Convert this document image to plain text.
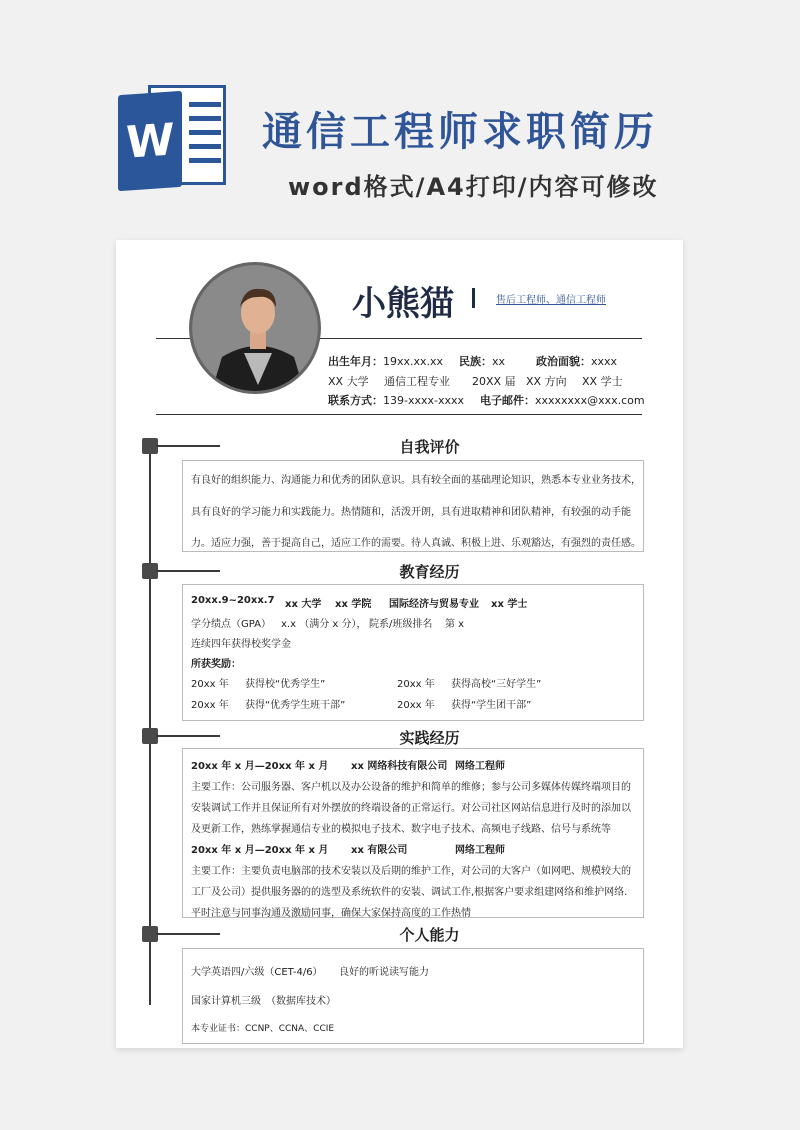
W 通信工程师求职简历
word格式/A4打印/内容可修改
小熊猫	售后工程师、通信工程师
出生年月：19xx.xx.xx 民族：xx	政治面貌：xxxx
XX 大学 通信工程专业 20XX 届 XX 方向 XX 学士
联系方式：139-xxxx-xxxx 电子邮件：xxxxxxxx@xxx.com
自我评价
有良好的组织能力、沟通能力和优秀的团队意识。具有较全面的基础理论知识，熟悉本专业业务技术，
具有良好的学习能力和实践能力。热情随和，活泼开朗，具有进取精神和团队精神，有较强的动手能
力。适应力强，善于提高自己，适应工作的需要。待人真诚、积极上进、乐观豁达，有强烈的责任感。
教育经历
20xx.9~20xx.7 xx 大学 xx 学院 国际经济与贸易专业 xx 学士
学分绩点（GPA） x.x （满分 x 分）， 院系/班级排名 第 x
连续四年获得校奖学金
所获奖励：
20xx 年 获得校“优秀学生”	20xx 年 获得高校“三好学生”
20xx 年 获得“优秀学生班干部”	20xx 年 获得“学生团干部”
实践经历
20xx 年 x 月—20xx 年 x 月 xx 网络科技有限公司 网络工程师
主要工作：公司服务器、客户机以及办公设备的维护和简单的维修；参与公司多媒体传媒终端项目的
安装调试工作并且保证所有对外摆放的终端设备的正常运行。对公司社区网站信息进行及时的添加以
及更新工作，熟练掌握通信专业的模拟电子技术、数字电子技术、高频电子线路、信号与系统等
20xx 年 x 月—20xx 年 x 月 xx 有限公司	网络工程师
主要工作：主要负责电脑部的技术安装以及后期的维护工作，对公司的大客户（如网吧、规模较大的
工厂及公司）提供服务器的的选型及系统软件的安装、调试工作,根据客户要求组建网络和维护网络.
平时注意与同事沟通及激励同事，确保大家保持高度的工作热情
个人能力
大学英语四/六级（CET-4/6） 良好的听说读写能力
国家计算机三级　（数据库技术）
本专业证书：CCNP、CCNA、CCIE
